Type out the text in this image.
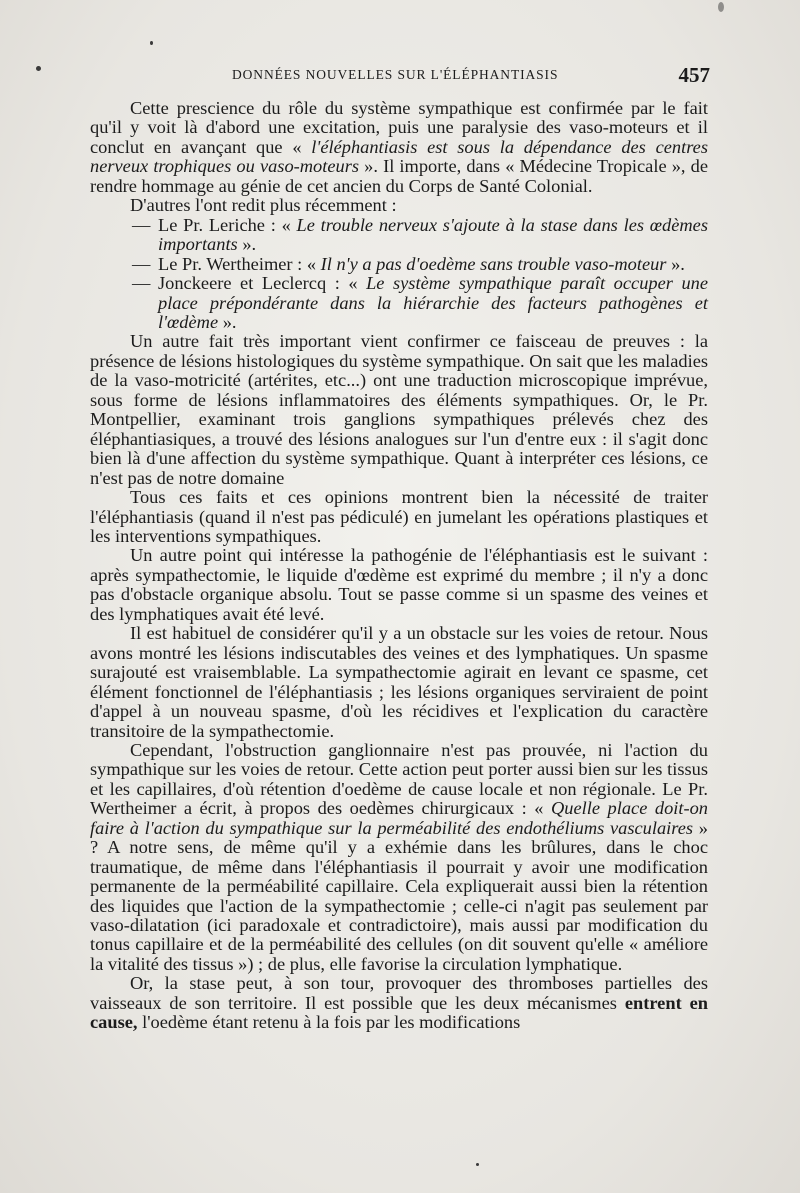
DONNÉES NOUVELLES SUR L'ÉLÉPHANTIASIS	457

Cette prescience du rôle du système sympathique est confirmée par le fait qu'il y voit là d'abord une excitation, puis une paralysie des vaso-moteurs et il conclut en avançant que « l'éléphantiasis est sous la dépendance des centres nerveux trophiques ou vaso-moteurs ». Il importe, dans « Médecine Tropicale », de rendre hommage au génie de cet ancien du Corps de Santé Colonial.

D'autres l'ont redit plus récemment :

— Le Pr. Leriche : « Le trouble nerveux s'ajoute à la stase dans les œdèmes importants ».

— Le Pr. Wertheimer : « Il n'y a pas d'oedème sans trouble vaso-moteur ».

— Jonckeere et Leclercq : « Le système sympathique paraît occuper une place prépondérante dans la hiérarchie des facteurs pathogènes et l'œdème ».

Un autre fait très important vient confirmer ce faisceau de preuves : la présence de lésions histologiques du système sympathique. On sait que les maladies de la vaso-motricité (artérites, etc...) ont une traduction microscopique imprévue, sous forme de lésions inflammatoires des éléments sympathiques. Or, le Pr. Montpellier, examinant trois ganglions sympathiques prélevés chez des éléphantiasiques, a trouvé des lésions analogues sur l'un d'entre eux : il s'agit donc bien là d'une affection du système sympathique. Quant à interpréter ces lésions, ce n'est pas de notre domaine

Tous ces faits et ces opinions montrent bien la nécessité de traiter l'éléphantiasis (quand il n'est pas pédiculé) en jumelant les opérations plastiques et les interventions sympathiques.

Un autre point qui intéresse la pathogénie de l'éléphantiasis est le suivant : après sympathectomie, le liquide d'œdème est exprimé du membre ; il n'y a donc pas d'obstacle organique absolu. Tout se passe comme si un spasme des veines et des lymphatiques avait été levé.

Il est habituel de considérer qu'il y a un obstacle sur les voies de retour. Nous avons montré les lésions indiscutables des veines et des lymphatiques. Un spasme surajouté est vraisemblable. La sympathectomie agirait en levant ce spasme, cet élément fonctionnel de l'éléphantiasis ; les lésions organiques serviraient de point d'appel à un nouveau spasme, d'où les récidives et l'explication du caractère transitoire de la sympathectomie.

Cependant, l'obstruction ganglionnaire n'est pas prouvée, ni l'action du sympathique sur les voies de retour. Cette action peut porter aussi bien sur les tissus et les capillaires, d'où rétention d'oedème de cause locale et non régionale. Le Pr. Wertheimer a écrit, à propos des oedèmes chirurgicaux : « Quelle place doit-on faire à l'action du sympathique sur la perméabilité des endothéliums vasculaires » ? A notre sens, de même qu'il y a exhémie dans les brûlures, dans le choc traumatique, de même dans l'éléphantiasis il pourrait y avoir une modification permanente de la perméabilité capillaire. Cela expliquerait aussi bien la rétention des liquides que l'action de la sympathectomie ; celle-ci n'agit pas seulement par vaso-dilatation (ici paradoxale et contradictoire), mais aussi par modification du tonus capillaire et de la perméabilité des cellules (on dit souvent qu'elle « améliore la vitalité des tissus ») ; de plus, elle favorise la circulation lymphatique.

Or, la stase peut, à son tour, provoquer des thromboses partielles des vaisseaux de son territoire. Il est possible que les deux mécanismes entrent en cause, l'oedème étant retenu à la fois par les modifications
